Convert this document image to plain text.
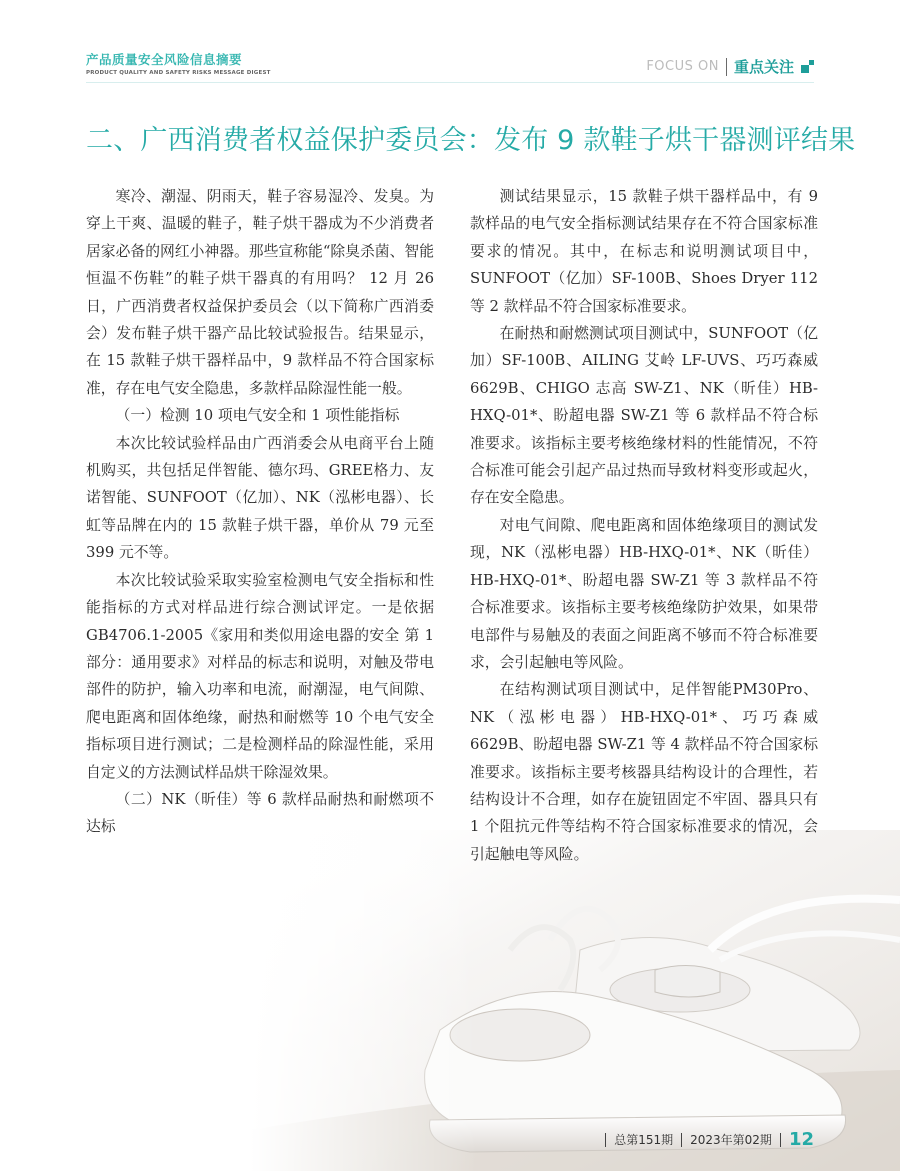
产品质量安全风险信息摘要
PRODUCT QUALITY AND SAFETY RISKS MESSAGE DIGEST	FOCUS ON 重点关注
二、广西消费者权益保护委员会：发布 9 款鞋子烘干器测评结果

寒冷、潮湿、阴雨天，鞋子容易湿冷、发臭。为穿上干爽、温暖的鞋子，鞋子烘干器成为不少消费者居家必备的网红小神器。那些宣称能“除臭杀菌、智能恒温不伤鞋”的鞋子烘干器真的有用吗？ 12 月 26 日，广西消费者权益保护委员会（以下简称广西消委会）发布鞋子烘干器产品比较试验报告。结果显示，在 15 款鞋子烘干器样品中，9 款样品不符合国家标准，存在电气安全隐患，多款样品除湿性能一般。

（一）检测 10 项电气安全和 1 项性能指标

本次比较试验样品由广西消委会从电商平台上随机购买，共包括足伴智能、德尔玛、GREE格力、友诺智能、SUNFOOT（亿加）、NK（泓彬电器）、长虹等品牌在内的 15 款鞋子烘干器，单价从 79 元至 399 元不等。

本次比较试验采取实验室检测电气安全指标和性能指标的方式对样品进行综合测试评定。一是依据 GB4706.1-2005《家用和类似用途电器的安全 第 1 部分：通用要求》对样品的标志和说明，对触及带电部件的防护，输入功率和电流，耐潮湿，电气间隙、爬电距离和固体绝缘，耐热和耐燃等 10 个电气安全指标项目进行测试；二是检测样品的除湿性能，采用自定义的方法测试样品烘干除湿效果。

（二）NK（昕佳）等 6 款样品耐热和耐燃项不达标

测试结果显示，15 款鞋子烘干器样品中，有 9 款样品的电气安全指标测试结果存在不符合国家标准要求的情况。其中，在标志和说明测试项目中，SUNFOOT（亿加）SF-100B、Shoes Dryer 112 等 2 款样品不符合国家标准要求。

在耐热和耐燃测试项目测试中，SUNFOOT（亿加）SF-100B、AILING 艾岭 LF-UVS、巧巧森威 6629B、CHIGO 志高 SW-Z1、NK（昕佳）HB-HXQ-01*、盼超电器 SW-Z1 等 6 款样品不符合标准要求。该指标主要考核绝缘材料的性能情况，不符合标准可能会引起产品过热而导致材料变形或起火，存在安全隐患。

对电气间隙、爬电距离和固体绝缘项目的测试发现，NK（泓彬电器）HB-HXQ-01*、NK（昕佳）HB-HXQ-01*、盼超电器 SW-Z1 等 3 款样品不符合标准要求。该指标主要考核绝缘防护效果，如果带电部件与易触及的表面之间距离不够而不符合标准要求，会引起触电等风险。

在结构测试项目测试中，足伴智能PM30Pro、NK（泓彬电器）HB-HXQ-01*、巧巧森威 6629B、盼超电器 SW-Z1 等 4 款样品不符合国家标准要求。该指标主要考核器具结构设计的合理性，若结构设计不合理，如存在旋钮固定不牢固、器具只有 1 个阻抗元件等结构不符合国家标准要求的情况，会引起触电等风险。

总第151期 2023年第02期 12
